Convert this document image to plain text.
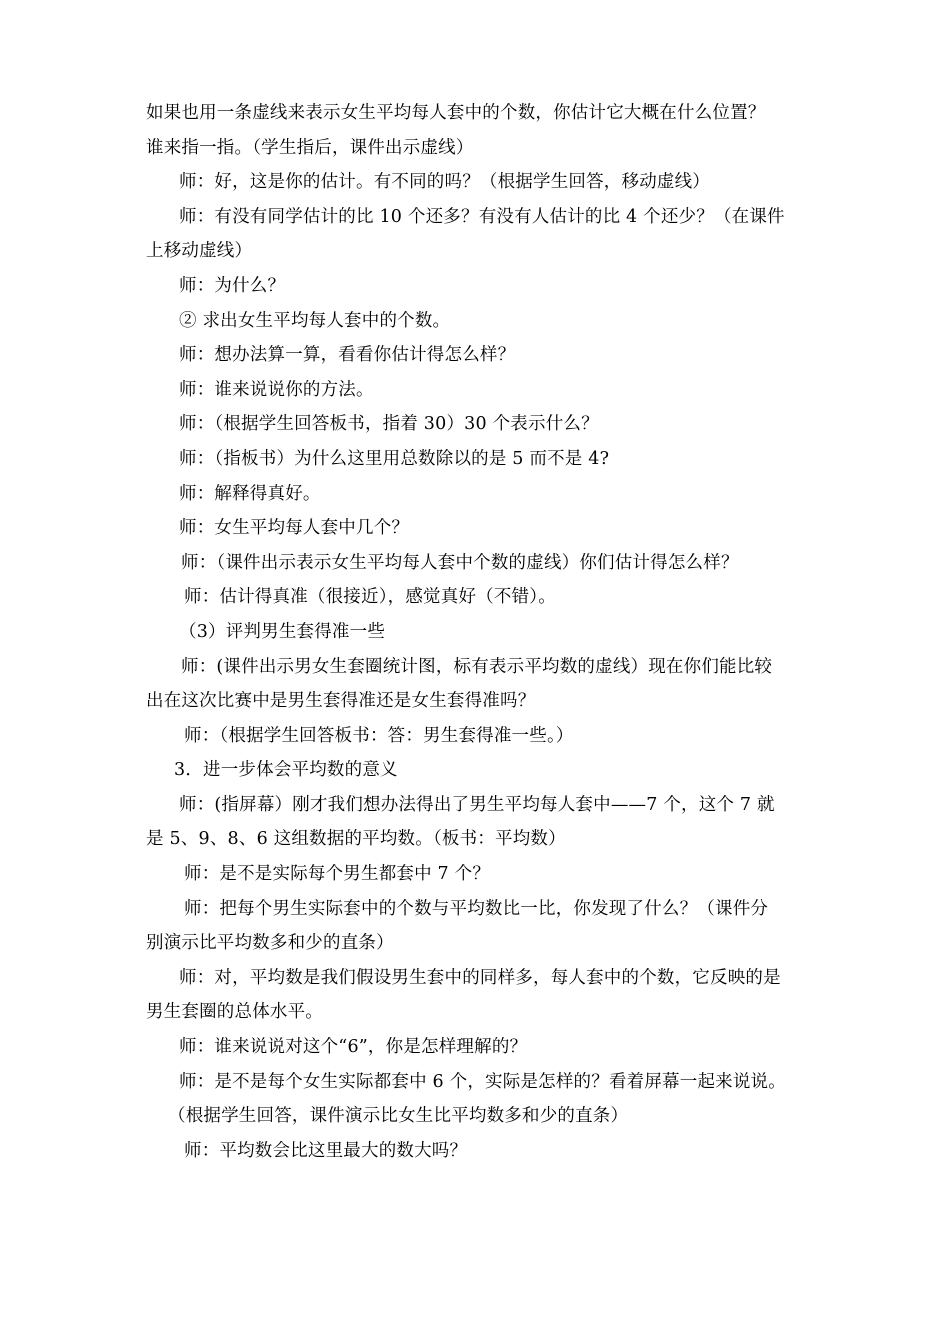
如果也用一条虚线来表示女生平均每人套中的个数，你估计它大概在什么位置？
谁来指一指。（学生指后，课件出示虚线）
师：好，这是你的估计。有不同的吗？（根据学生回答，移动虚线）
师：有没有同学估计的比 10 个还多？有没有人估计的比 4 个还少？（在课件
上移动虚线）
师：为什么？
② 求出女生平均每人套中的个数。
师：想办法算一算，看看你估计得怎么样？
师：谁来说说你的方法。
师：（根据学生回答板书，指着 30）30 个表示什么？
师：（指板书）为什么这里用总数除以的是 5 而不是 4?
师：解释得真好。
师：女生平均每人套中几个？
师：（课件出示表示女生平均每人套中个数的虚线）你们估计得怎么样？
师：估计得真准（很接近），感觉真好（不错）。
（3）评判男生套得准一些
师：(课件出示男女生套圈统计图，标有表示平均数的虚线）现在你们能比较
出在这次比赛中是男生套得准还是女生套得准吗？
师：（根据学生回答板书：答：男生套得准一些。）
3．进一步体会平均数的意义
师：(指屏幕）刚才我们想办法得出了男生平均每人套中——7 个，这个 7 就
是 5、9、8、6 这组数据的平均数。（板书：平均数）
师：是不是实际每个男生都套中 7 个？
师：把每个男生实际套中的个数与平均数比一比，你发现了什么？（课件分
别演示比平均数多和少的直条）
师：对，平均数是我们假设男生套中的同样多，每人套中的个数，它反映的是
男生套圈的总体水平。
师：谁来说说对这个“6”，你是怎样理解的？
师：是不是每个女生实际都套中 6 个，实际是怎样的？看着屏幕一起来说说。
（根据学生回答，课件演示比女生比平均数多和少的直条）
师：平均数会比这里最大的数大吗？
